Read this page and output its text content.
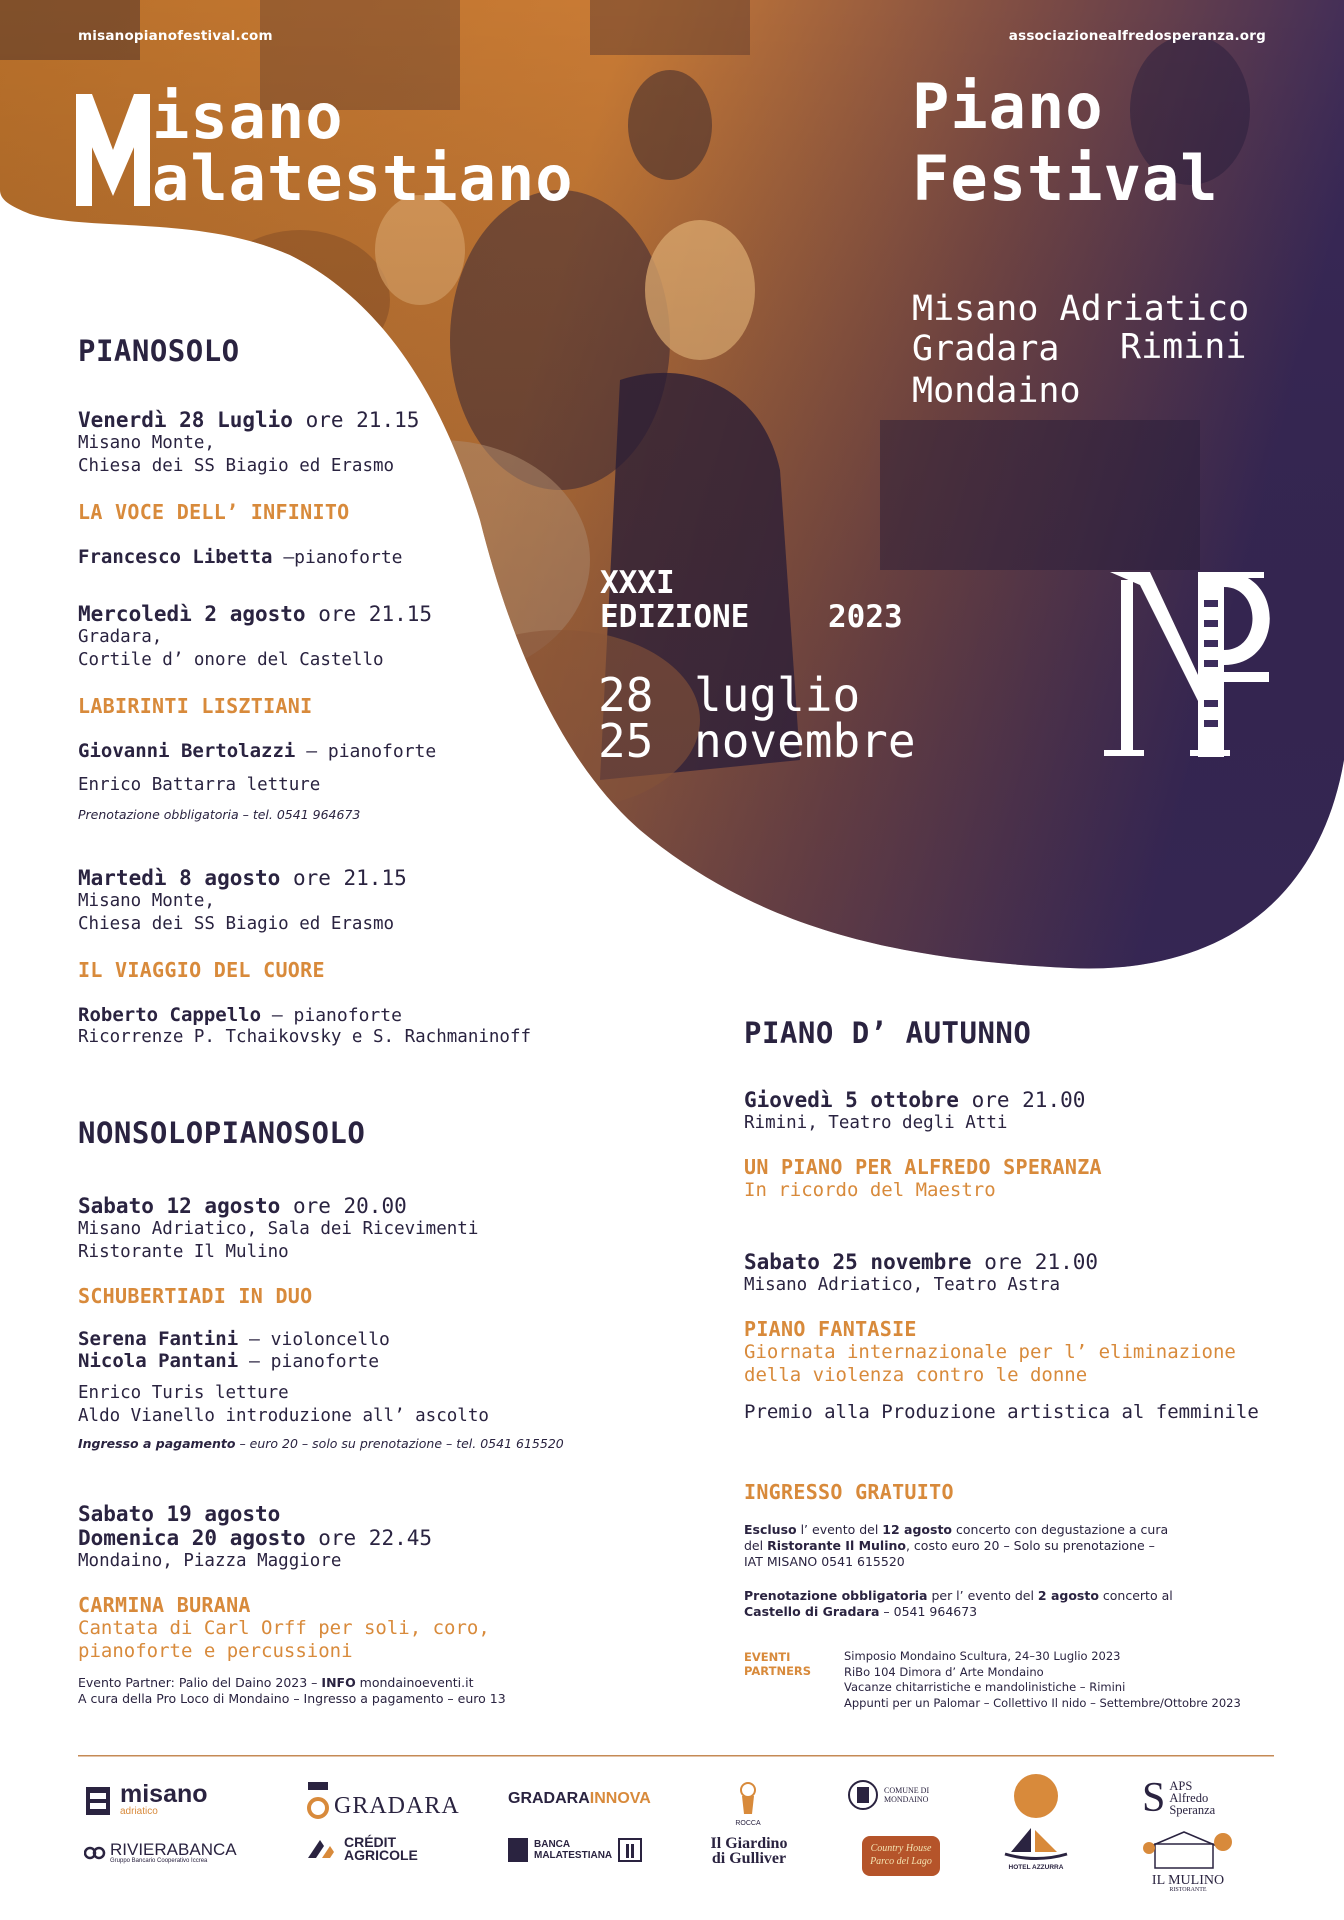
misanopianofestival.com	associazionealfredosperanza.org
isano
alatestiano
Piano
Festival
Misano Adriatico
Gradara Rimini
Mondaino
XXXI
EDIZIONE	2023
28 luglio
25 novembre
PIANOSOLO
Venerdì 28 Luglio ore 21.15
Misano Monte,
Chiesa dei SS Biagio ed Erasmo
LA VOCE DELL’ INFINITO
Francesco Libetta —pianoforte
Mercoledì 2 agosto ore 21.15
Gradara,
Cortile d’ onore del Castello
LABIRINTI LISZTIANI
Giovanni Bertolazzi — pianoforte
Enrico Battarra letture
Prenotazione obbligatoria – tel. 0541 964673
Martedì 8 agosto ore 21.15
Misano Monte,
Chiesa dei SS Biagio ed Erasmo
IL VIAGGIO DEL CUORE
Roberto Cappello — pianoforte
Ricorrenze P. Tchaikovsky e S. Rachmaninoff
NONSOLOPIANOSOLO
Sabato 12 agosto ore 20.00
Misano Adriatico, Sala dei Ricevimenti
Ristorante Il Mulino
SCHUBERTIADI IN DUO
Serena Fantini — violoncello
Nicola Pantani — pianoforte
Enrico Turis letture
Aldo Vianello introduzione all’ ascolto
Ingresso a pagamento – euro 20 – solo su prenotazione – tel. 0541 615520
Sabato 19 agosto
Domenica 20 agosto ore 22.45
Mondaino, Piazza Maggiore
CARMINA BURANA
Cantata di Carl Orff per soli, coro,
pianoforte e percussioni
Evento Partner: Palio del Daino 2023 – INFO mondainoeventi.it
A cura della Pro Loco di Mondaino – Ingresso a pagamento – euro 13
PIANO D’ AUTUNNO
Giovedì 5 ottobre ore 21.00
Rimini, Teatro degli Atti
UN PIANO PER ALFREDO SPERANZA
In ricordo del Maestro
Sabato 25 novembre ore 21.00
Misano Adriatico, Teatro Astra
PIANO FANTASIE
Giornata internazionale per l’ eliminazione
della violenza contro le donne
Premio alla Produzione artistica al femminile
INGRESSO GRATUITO
Escluso l’ evento del 12 agosto concerto con degustazione a cura
del Ristorante Il Mulino, costo euro 20 – Solo su prenotazione –
IAT MISANO 0541 615520
Prenotazione obbligatoria per l’ evento del 2 agosto concerto al
Castello di Gradara – 0541 964673
EVENTI
PARTNERS
Simposio Mondaino Scultura, 24–30 Luglio 2023
RiBo 104 Dimora d’ Arte Mondaino
Vacanze chitarristiche e mandolinistiche – Rimini
Appunti per un Palomar – Collettivo Il nido – Settembre/Ottobre 2023
misano
adriatico
RIVIERABANCA
Gruppo Bancario Cooperativo Iccrea
GRADARA
CRÉDIT
AGRICOLE
GRADARAINNOVA
BANCA
MALATESTIANA
ROCCA
Il Giardino
di Gulliver
COMUNE DI
MONDAINO
Country House
Parco del Lago
HOTEL AZZURRA
S APS
Alfredo
Speranza
IL MULINO
RISTORANTE
